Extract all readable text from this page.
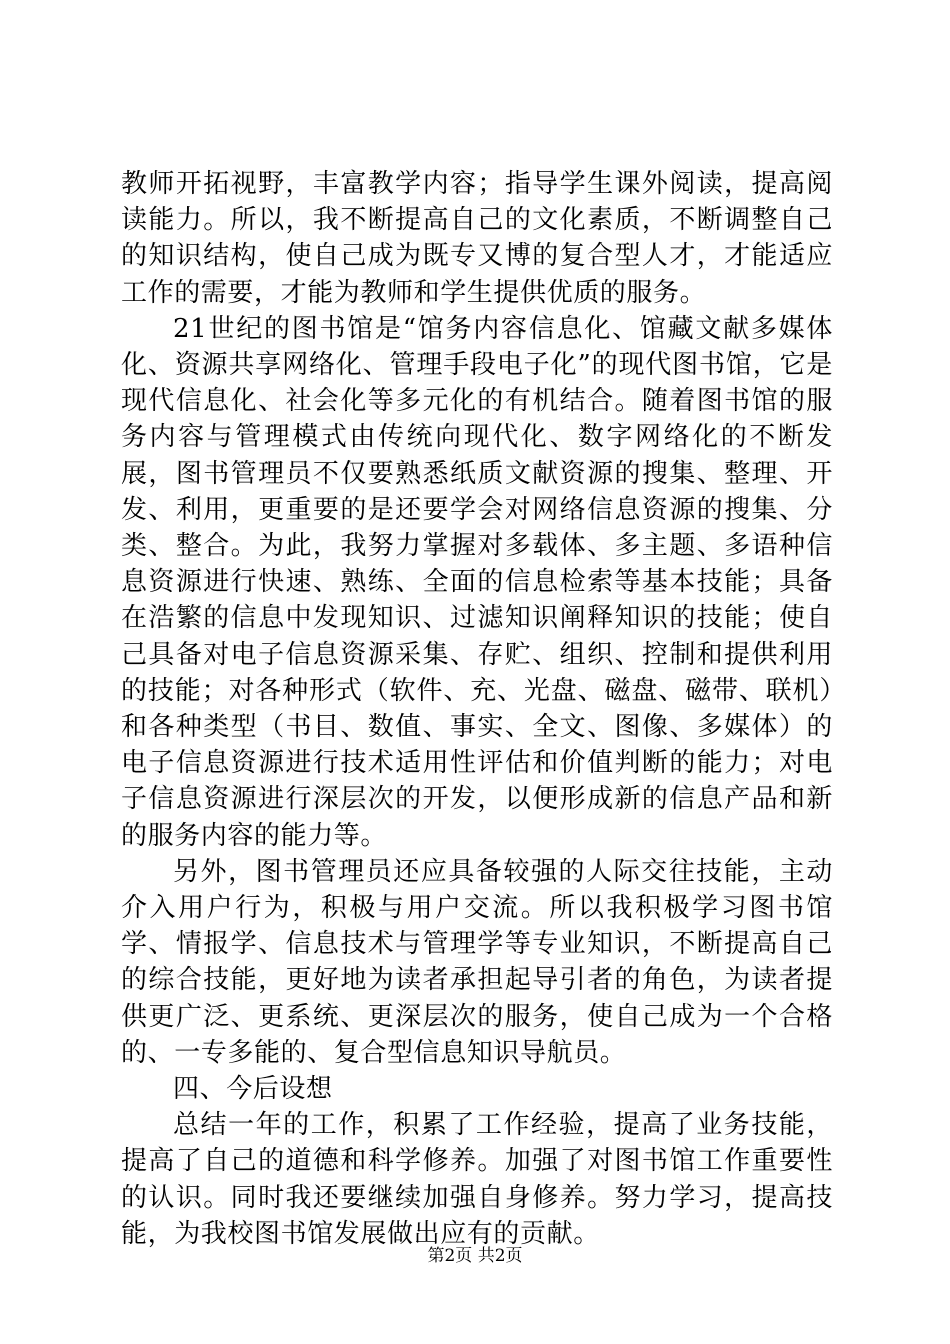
教师开拓视野，丰富教学内容；指导学生课外阅读，提高阅读能力。所以，我不断提高自己的文化素质，不断调整自己的知识结构，使自己成为既专又博的复合型人才，才能适应工作的需要，才能为教师和学生提供优质的服务。

21世纪的图书馆是“馆务内容信息化、馆藏文献多媒体化、资源共享网络化、管理手段电子化”的现代图书馆，它是现代信息化、社会化等多元化的有机结合。随着图书馆的服务内容与管理模式由传统向现代化、数字网络化的不断发展，图书管理员不仅要熟悉纸质文献资源的搜集、整理、开发、利用，更重要的是还要学会对网络信息资源的搜集、分类、整合。为此，我努力掌握对多载体、多主题、多语种信息资源进行快速、熟练、全面的信息检索等基本技能；具备在浩繁的信息中发现知识、过滤知识阐释知识的技能；使自己具备对电子信息资源采集、存贮、组织、控制和提供利用的技能；对各种形式（软件、充、光盘、磁盘、磁带、联机）和各种类型（书目、数值、事实、全文、图像、多媒体）的电子信息资源进行技术适用性评估和价值判断的能力；对电子信息资源进行深层次的开发，以便形成新的信息产品和新的服务内容的能力等。

另外，图书管理员还应具备较强的人际交往技能，主动介入用户行为，积极与用户交流。所以我积极学习图书馆学、情报学、信息技术与管理学等专业知识，不断提高自己的综合技能，更好地为读者承担起导引者的角色，为读者提供更广泛、更系统、更深层次的服务，使自己成为一个合格的、一专多能的、复合型信息知识导航员。

四、今后设想

总结一年的工作，积累了工作经验，提高了业务技能，提高了自己的道德和科学修养。加强了对图书馆工作重要性的认识。同时我还要继续加强自身修养。努力学习，提高技能，为我校图书馆发展做出应有的贡献。

第2页 共2页
